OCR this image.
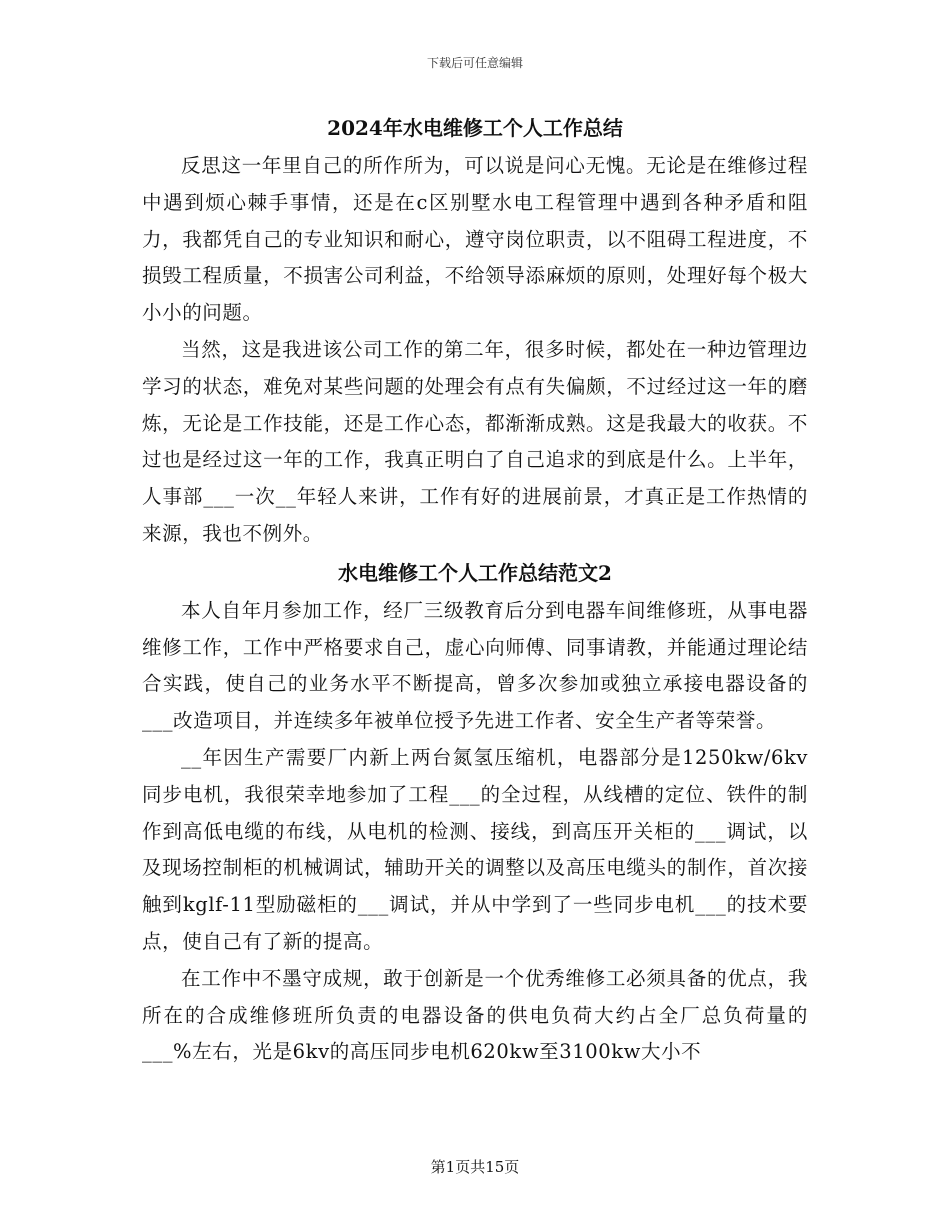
下载后可任意编辑
2024年水电维修工个人工作总结

反思这一年里自己的所作所为，可以说是问心无愧。无论是在维修过程中遇到烦心棘手事情，还是在c区别墅水电工程管理中遇到各种矛盾和阻力，我都凭自己的专业知识和耐心，遵守岗位职责，以不阻碍工程进度，不损毁工程质量，不损害公司利益，不给领导添麻烦的原则，处理好每个极大小小的问题。

当然，这是我进该公司工作的第二年，很多时候，都处在一种边管理边学习的状态，难免对某些问题的处理会有点有失偏颇，不过经过这一年的磨炼，无论是工作技能，还是工作心态，都渐渐成熟。这是我最大的收获。不过也是经过这一年的工作，我真正明白了自己追求的到底是什么。上半年，人事部___一次__年轻人来讲，工作有好的进展前景，才真正是工作热情的来源，我也不例外。

水电维修工个人工作总结范文2

本人自年月参加工作，经厂三级教育后分到电器车间维修班，从事电器维修工作，工作中严格要求自己，虚心向师傅、同事请教，并能通过理论结合实践，使自己的业务水平不断提高，曾多次参加或独立承接电器设备的___改造项目，并连续多年被单位授予先进工作者、安全生产者等荣誉。

__年因生产需要厂内新上两台氮氢压缩机，电器部分是1250kw/6kv同步电机，我很荣幸地参加了工程___的全过程，从线槽的定位、铁件的制作到高低电缆的布线，从电机的检测、接线，到高压开关柜的___调试，以及现场控制柜的机械调试，辅助开关的调整以及高压电缆头的制作，首次接触到kglf-11型励磁柜的___调试，并从中学到了一些同步电机___的技术要点，使自己有了新的提高。

在工作中不墨守成规，敢于创新是一个优秀维修工必须具备的优点，我所在的合成维修班所负责的电器设备的供电负荷大约占全厂总负荷量的___%左右，光是6kv的高压同步电机620kw至3100kw大小不

第1页共15页
